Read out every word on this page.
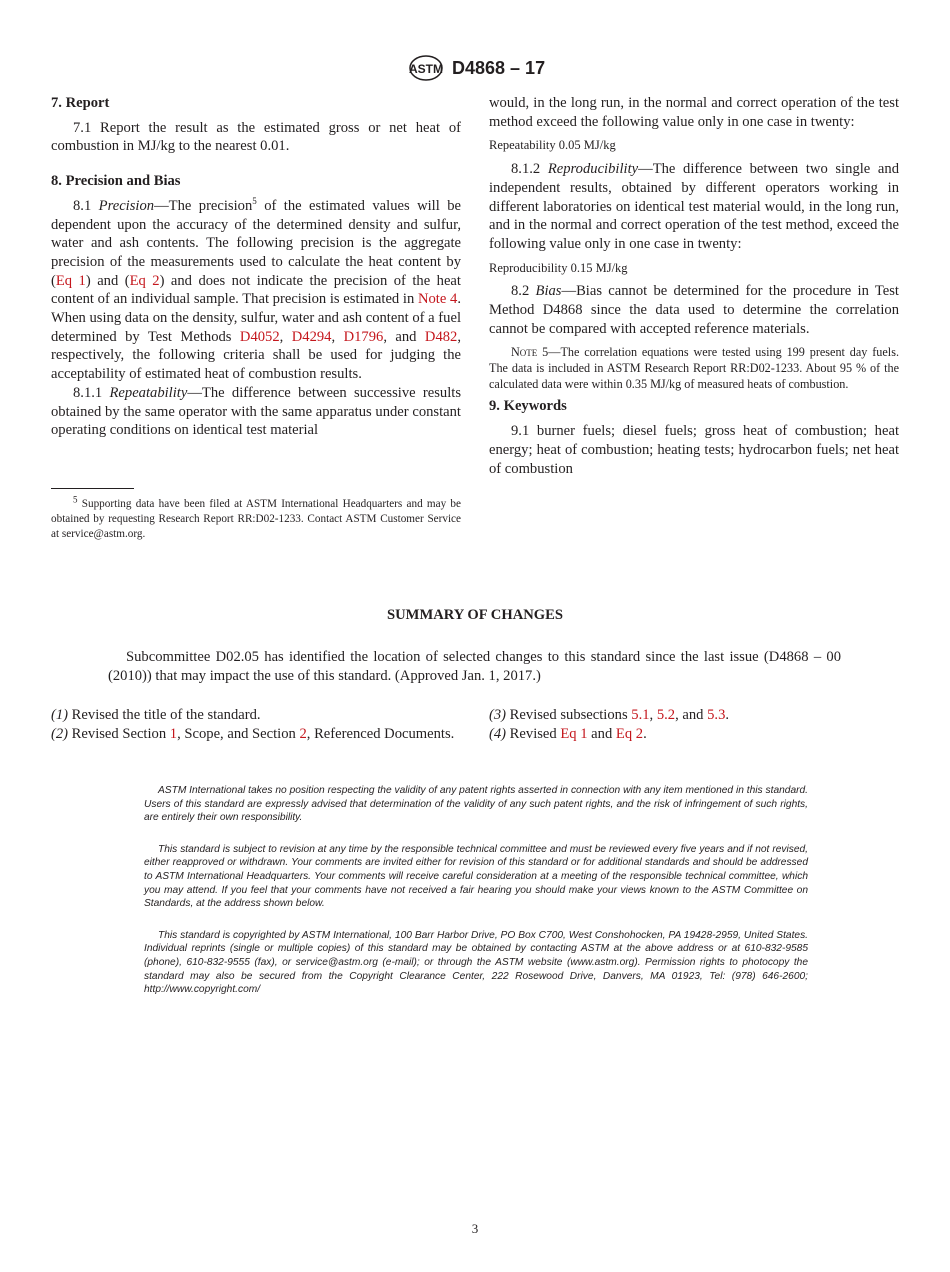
ASTM D4868 – 17
7. Report

7.1 Report the result as the estimated gross or net heat of combustion in MJ/kg to the nearest 0.01.

8. Precision and Bias

8.1 Precision—The precision$^5$ of the estimated values will be dependent upon the accuracy of the determined density and sulfur, water and ash contents. The following precision is the aggregate precision of the measurements used to calculate the heat content by (Eq 1) and (Eq 2) and does not indicate the precision of the heat content of an individual sample. That precision is estimated in Note 4. When using data on the density, sulfur, water and ash content of a fuel determined by Test Methods D4052, D4294, D1796, and D482, respectively, the following criteria shall be used for judging the acceptability of estimated heat of combustion results.

8.1.1 Repeatability—The difference between successive results obtained by the same operator with the same apparatus under constant operating conditions on identical test material

$^5$ Supporting data have been filed at ASTM International Headquarters and may be obtained by requesting Research Report RR:D02-1233. Contact ASTM Customer Service at service@astm.org.

would, in the long run, in the normal and correct operation of the test method exceed the following value only in one case in twenty:

Repeatability 0.05 MJ/kg

8.1.2 Reproducibility—The difference between two single and independent results, obtained by different operators working in different laboratories on identical test material would, in the long run, and in the normal and correct operation of the test method, exceed the following value only in one case in twenty:

Reproducibility 0.15 MJ/kg

8.2 Bias—Bias cannot be determined for the procedure in Test Method D4868 since the data used to determine the correlation cannot be compared with accepted reference materials.

Note 5—The correlation equations were tested using 199 present day fuels. The data is included in ASTM Research Report RR:D02-1233. About 95 % of the calculated data were within 0.35 MJ/kg of measured heats of combustion.

9. Keywords

9.1 burner fuels; diesel fuels; gross heat of combustion; heat energy; heat of combustion; heating tests; hydrocarbon fuels; net heat of combustion

SUMMARY OF CHANGES
Subcommittee D02.05 has identified the location of selected changes to this standard since the last issue (D4868 – 00 (2010)) that may impact the use of this standard. (Approved Jan. 1, 2017.)
(1) Revised the title of the standard.
(2) Revised Section 1, Scope, and Section 2, Referenced Documents.
(3) Revised subsections 5.1, 5.2, and 5.3.
(4) Revised Eq 1 and Eq 2.

ASTM International takes no position respecting the validity of any patent rights asserted in connection with any item mentioned in this standard. Users of this standard are expressly advised that determination of the validity of any such patent rights, and the risk of infringement of such rights, are entirely their own responsibility.

This standard is subject to revision at any time by the responsible technical committee and must be reviewed every five years and if not revised, either reapproved or withdrawn. Your comments are invited either for revision of this standard or for additional standards and should be addressed to ASTM International Headquarters. Your comments will receive careful consideration at a meeting of the responsible technical committee, which you may attend. If you feel that your comments have not received a fair hearing you should make your views known to the ASTM Committee on Standards, at the address shown below.

This standard is copyrighted by ASTM International, 100 Barr Harbor Drive, PO Box C700, West Conshohocken, PA 19428-2959, United States. Individual reprints (single or multiple copies) of this standard may be obtained by contacting ASTM at the above address or at 610-832-9585 (phone), 610-832-9555 (fax), or service@astm.org (e-mail); or through the ASTM website (www.astm.org). Permission rights to photocopy the standard may also be secured from the Copyright Clearance Center, 222 Rosewood Drive, Danvers, MA 01923, Tel: (978) 646-2600; http://www.copyright.com/

3
